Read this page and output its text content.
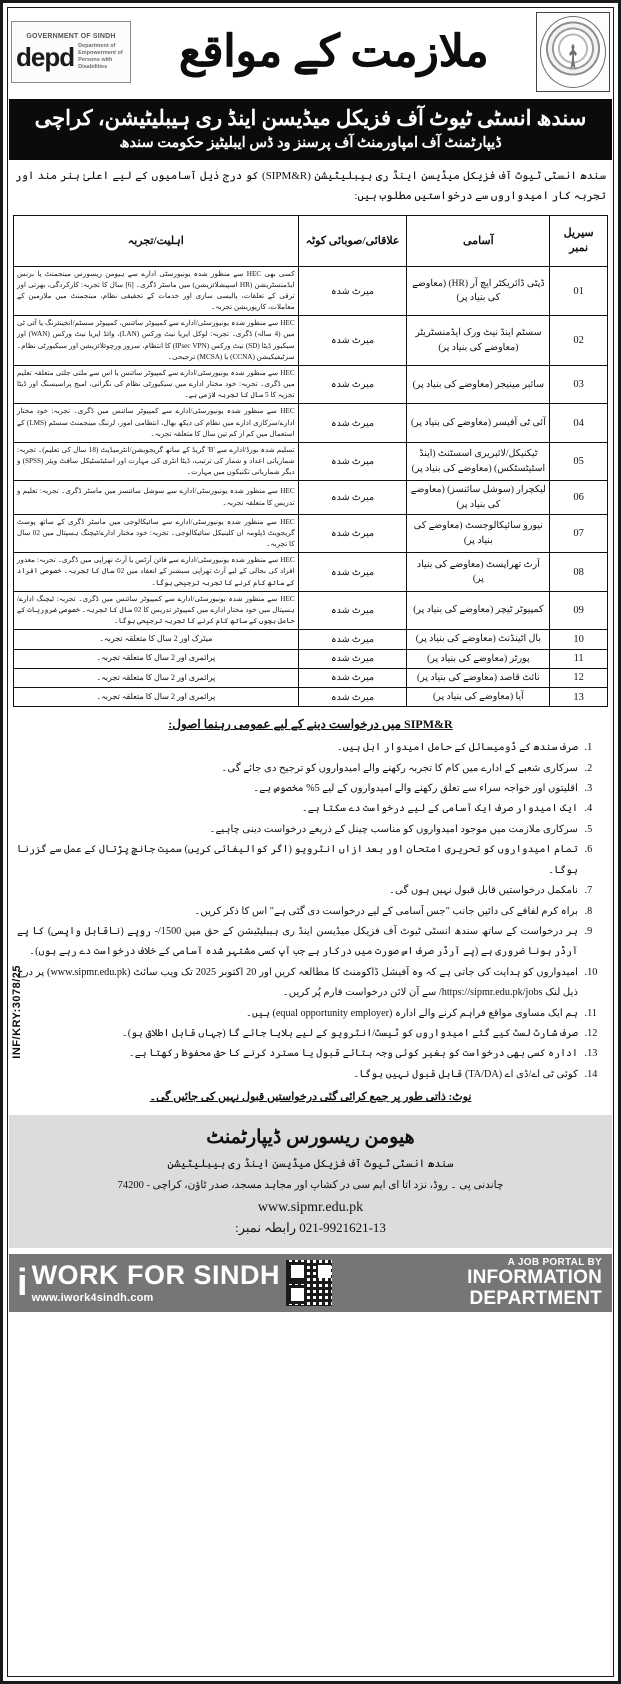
ملازمت کے مواقع
GOVERNMENT OF SINDH
depd Department of Empowerment of Persons with Disabilities
سندھ انسٹی ٹیوٹ آف فزیکل میڈیسن اینڈ ری ہیبلیٹیشن، کراچی
ڈیپارٹمنٹ آف امپاورمنٹ آف پرسنز ود ڈس ایبلیٹیز حکومت سندھ
سندھ انسٹی ٹیوٹ آف فزیکل میڈیسن اینڈ ری ہیبلیٹیشن (SIPM&R) کو درج ذیل آسامیوں کے لیے اعلیٰ ہنر مند اور تجربہ کار امیدواروں سے درخواستیں مطلوب ہیں:
سیریل نمبر	آسامی	علاقائی/صوبائی کوٹہ	اہلیت/تجربہ
01	ڈپٹی ڈائریکٹر ایچ آر (HR) (معاوضے کی بنیاد پر)	میرٹ شدہ	کسی بھی HEC سے منظور شدہ یونیورسٹی ادارے سے ہیومن ریسورس مینجمنٹ یا بزنس ایڈمنسٹریشن (HR اسپیشلائزیشن) میں ماسٹر ڈگری۔ [6] سال کا تجربہ: کارکردگی، بھرتی اور ترقی کے تعلقات، پالیسی سازی اور خدمات کے تحقیقی نظام، مینجمنٹ میں ملازمین کے معاملات، کارپوریشن تجربہ۔
02	سسٹم اینڈ نیٹ ورک ایڈمنسٹریٹر (معاوضے کی بنیاد پر)	میرٹ شدہ	HEC سے منظور شدہ یونیورسٹی/ادارے سے کمپیوٹر سائنس، کمپیوٹر سسٹم/انجینئرنگ یا آئی ٹی میں (4 سالہ) ڈگری۔ تجربہ: لوکل ایریا نیٹ ورکس (LAN)، وائڈ ایریا نیٹ ورکس (WAN) اور سیکیور ڈیٹا (SD) نیٹ ورکس (IPsec VPN) کا انتظام، سرور ورچوئلائزیشن اور سیکیورٹی نظام۔ سرٹیفیکیشن (CCNA) یا (MCSA) ترجیحی۔
03	سائبر مینیجر (معاوضے کی بنیاد پر)	میرٹ شدہ	HEC سے منظور شدہ یونیورسٹی/ادارے سے کمپیوٹر سائنس یا اس سے ملتی جلتی متعلقہ تعلیم میں ڈگری۔ تجربہ: خود مختار ادارے میں سیکیورٹی نظام کی نگرانی، امیج پراسیسنگ اور ڈیٹا تجزیہ کا 5 سال کا تجربہ لازمی ہے۔
04	آئی ٹی آفیسر (معاوضے کی بنیاد پر)	میرٹ شدہ	HEC سے منظور شدہ یونیورسٹی/ادارے سے کمپیوٹر سائنس میں ڈگری۔ تجربہ: خود مختار ادارے/سرکاری ادارے میں نظام کی دیکھ بھال، انتظامی امور، لرننگ مینجمنٹ سسٹم (LMS) کے استعمال میں کم از کم تین سال کا متعلقہ تجربہ۔
05	ٹیکنیکل/لائبریری اسسٹنٹ (اینڈ اسٹیٹسٹکس) (معاوضے کی بنیاد پر)	میرٹ شدہ	تسلیم شدہ بورڈ/ادارے سے 'B' گریڈ کے ساتھ گریجویشن/انٹرمیڈیٹ (18 سال کی تعلیم)۔ تجربہ: شماریاتی اعداد و شمار کی ترتیب، ڈیٹا انٹری کی مہارت اور اسٹیٹسٹیکل سافٹ ویئر (SPSS) و دیگر شماریاتی تکنیکوں میں مہارت۔
06	لیکچرار (سوشل سائنسز) (معاوضے کی بنیاد پر)	میرٹ شدہ	HEC سے منظور شدہ یونیورسٹی/ادارے سے سوشل سائنسز میں ماسٹر ڈگری۔ تجربہ: تعلیم و تدریس کا متعلقہ تجربہ۔
07	نیورو سائیکالوجسٹ (معاوضے کی بنیاد پر)	میرٹ شدہ	HEC سے منظور شدہ یونیورسٹی/ادارے سے سائیکالوجی میں ماسٹر ڈگری کے ساتھ پوسٹ گریجویٹ ڈپلومہ ان کلینیکل سائیکالوجی۔ تجربہ: خود مختار ادارے/ٹیچنگ ہسپتال میں 02 سال کا تجربہ۔
08	آرٹ تھراپسٹ (معاوضے کی بنیاد پر)	میرٹ شدہ	HEC سے منظور شدہ یونیورسٹی/ادارے سے فائن آرٹس یا آرٹ تھراپی میں ڈگری۔ تجربہ: معذور افراد کی بحالی کے لیے آرٹ تھراپی سیشنز کے انعقاد میں 02 سال کا تجربہ۔ خصوصی افراد کے ساتھ کام کرنے کا تجربہ ترجیحی ہوگا۔
09	کمپیوٹر ٹیچر (معاوضے کی بنیاد پر)	میرٹ شدہ	HEC سے منظور شدہ یونیورسٹی/ادارے سے کمپیوٹر سائنس میں ڈگری۔ تجربہ: ٹیچنگ ادارے/ہسپتال میں خود مختار ادارے میں کمپیوٹر تدریس کا 02 سال کا تجربہ۔ خصوصی ضروریات کے حامل بچوں کے ساتھ کام کرنے کا تجربہ ترجیحی ہوگا۔
10	بال اٹینڈنٹ (معاوضے کی بنیاد پر)	میرٹ شدہ	میٹرک اور 2 سال کا متعلقہ تجربہ۔
11	پورٹر (معاوضے کی بنیاد پر)	میرٹ شدہ	پرائمری اور 2 سال کا متعلقہ تجربہ۔
12	نائٹ قاصد (معاوضے کی بنیاد پر)	میرٹ شدہ	پرائمری اور 2 سال کا متعلقہ تجربہ۔
13	آیا (معاوضے کی بنیاد پر)	میرٹ شدہ	پرائمری اور 2 سال کا متعلقہ تجربہ۔
SIPM&R میں درخواست دینے کے لیے عمومی رہنما اصول:
1. صرف سندھ کے ڈومیسائل کے حامل امیدوار اہل ہیں۔
2. سرکاری شعبے کے ادارے میں کام کا تجربہ رکھنے والے امیدواروں کو ترجیح دی جائے گی۔
3. اقلیتوں اور خواجہ سراء سے تعلق رکھنے والے امیدواروں کے لیے 5% مخصوص ہے۔
4. ایک امیدوار صرف ایک آسامی کے لیے درخواست دے سکتا ہے۔
5. سرکاری ملازمت میں موجود امیدواروں کو مناسب چینل کے ذریعے درخواست دینی چاہیے۔
6. تمام امیدواروں کو تحریری امتحان اور بعد ازاں انٹرویو (اگر کوالیفائی کریں) سمیت جانچ پڑتال کے عمل سے گزرنا ہوگا۔
7. نامکمل درخواستیں قابل قبول نہیں ہوں گی۔
8. براہ کرم لفافے کی دائیں جانب "جس آسامی کے لیے درخواست دی گئی ہے" اس کا ذکر کریں۔
9. ہر درخواست کے ساتھ سندھ انسٹی ٹیوٹ آف فزیکل میڈیسن اینڈ ری ہیبلیٹیشن کے حق میں 1500/- روپے (ناقابل واپسی) کا پے آرڈر ہونا ضروری ہے (پے آرڈر صرف اس صورت میں درکار ہے جب آپ کسی مشتہر شدہ آسامی کے خلاف درخواست دے رہے ہوں)۔
10. امیدواروں کو ہدایت کی جاتی ہے کہ وہ آفیشل ڈاکومنٹ کا مطالعہ کریں اور 20 اکتوبر 2025 تک ویب سائٹ (www.sipmr.edu.pk) پر درج ذیل لنک https://sipmr.edu.pk/jobs/ سے آن لائن درخواست فارم پُر کریں۔
11. ہم ایک مساوی مواقع فراہم کرنے والے ادارہ (equal opportunity employer) ہیں۔
12. صرف شارٹ لسٹ کیے گئے امیدواروں کو ٹیسٹ/انٹرویو کے لیے بلایا جائے گا (جہاں قابل اطلاق ہو)۔
13. ادارہ کسی بھی درخواست کو بغیر کوئی وجہ بتائے قبول یا مسترد کرنے کا حق محفوظ رکھتا ہے۔
14. کوئی ٹی اے/ڈی اے (TA/DA) قابل قبول نہیں ہوگا۔
نوٹ: ذاتی طور پر جمع کرائی گئی درخواستیں قبول نہیں کی جائیں گی۔
INF/KRY:3078/25
ھیومن ریسورس ڈیپارٹمنٹ
سندھ انسٹی ٹیوٹ آف فزیکل میڈیسن اینڈ ری ہیبلیٹیشن
چاندنی پی ۔ روڈ، نزد اتا ای ایم سی در کشاپ اور مجاہد مسجد، صدر ٹاؤن، کراچی - 74200
www.sipmr.edu.pk
021-9921621-13 رابطہ نمبر:
i WORK FOR SINDH
www.iwork4sindh.com
A JOB PORTAL BY
INFORMATION DEPARTMENT
